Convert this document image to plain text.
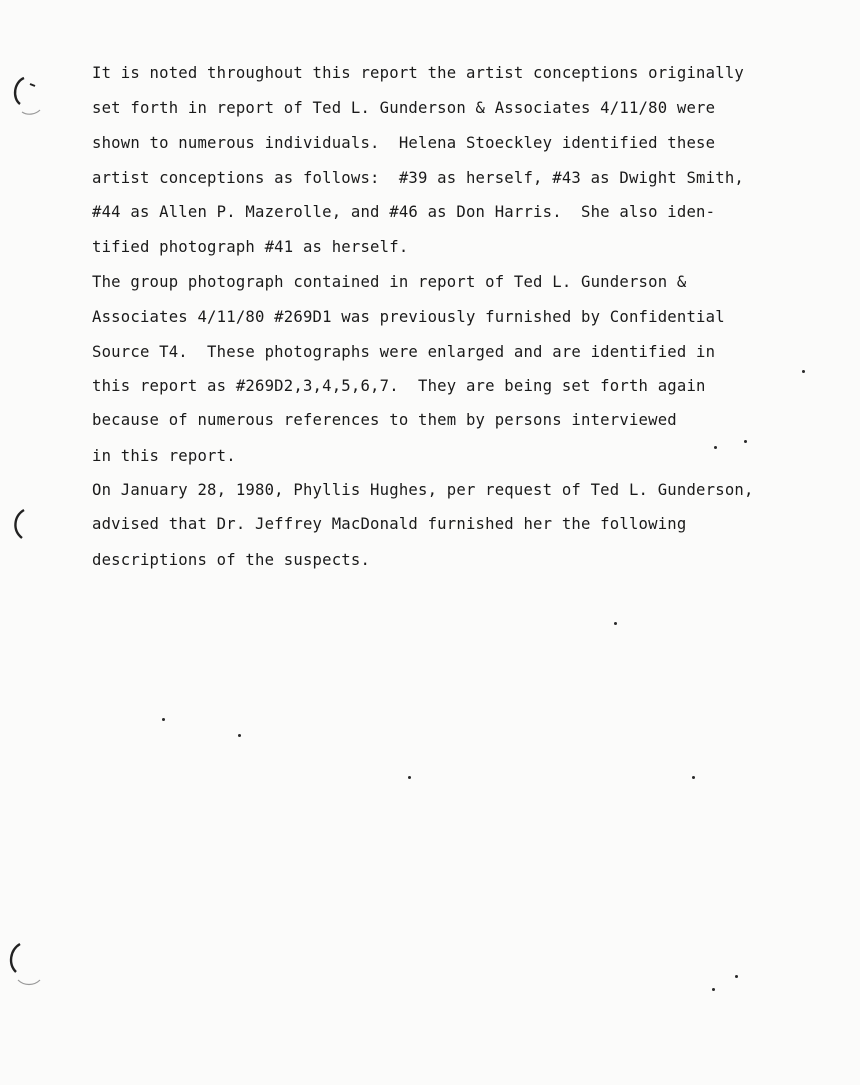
It is noted throughout this report the artist conceptions originally
set forth in report of Ted L. Gunderson & Associates 4/11/80 were
shown to numerous individuals.  Helena Stoeckley identified these
artist conceptions as follows:  #39 as herself, #43 as Dwight Smith,
#44 as Allen P. Mazerolle, and #46 as Don Harris.  She also iden-
tified photograph #41 as herself.
The group photograph contained in report of Ted L. Gunderson &
Associates 4/11/80 #269D1 was previously furnished by Confidential
Source T4.  These photographs were enlarged and are identified in
this report as #269D2,3,4,5,6,7.  They are being set forth again
because of numerous references to them by persons interviewed
in this report.
On January 28, 1980, Phyllis Hughes, per request of Ted L. Gunderson,
advised that Dr. Jeffrey MacDonald furnished her the following
descriptions of the suspects.
